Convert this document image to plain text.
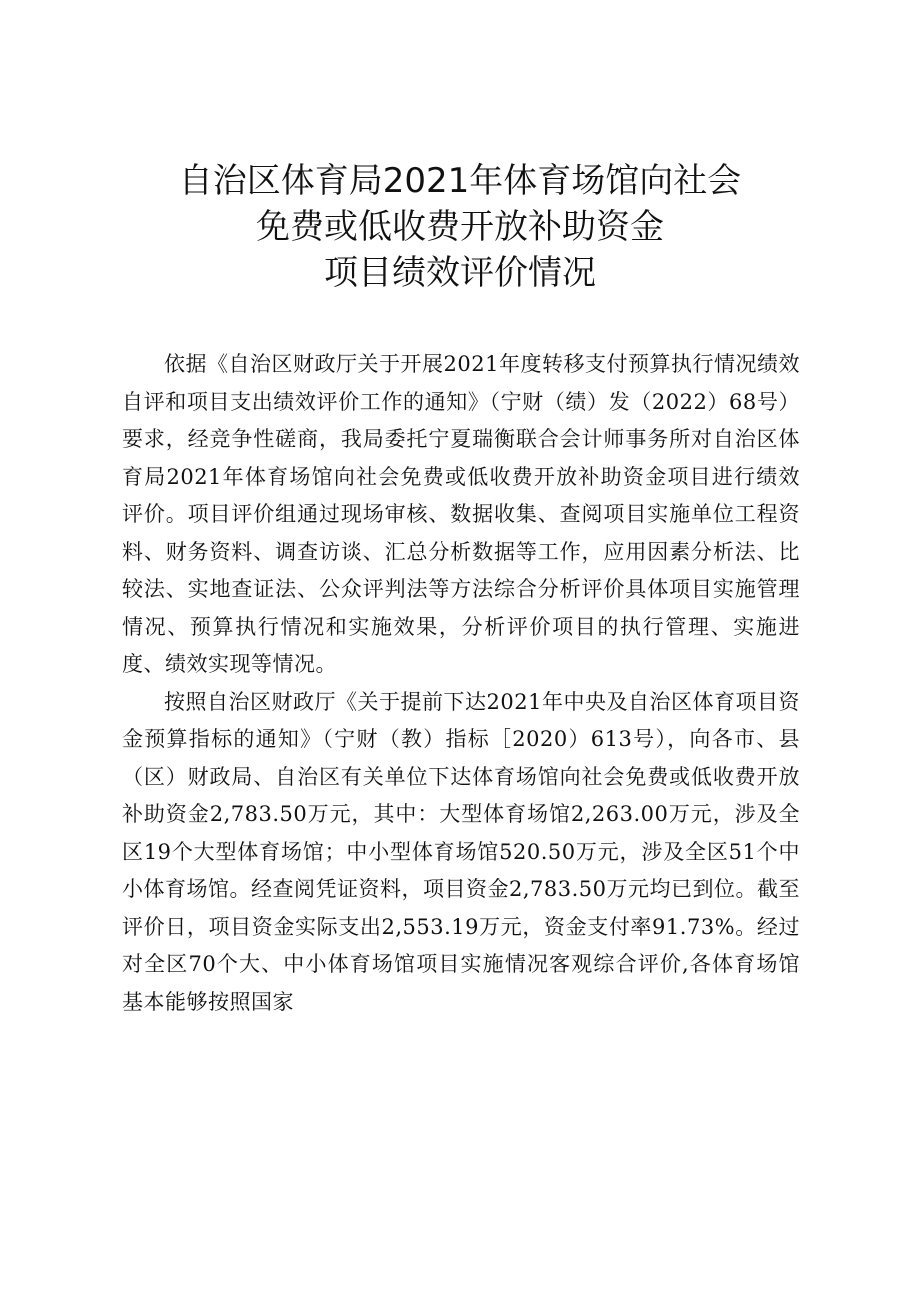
自治区体育局2021年体育场馆向社会
免费或低收费开放补助资金
项目绩效评价情况

依据《自治区财政厅关于开展2021年度转移支付预算执行情况绩效自评和项目支出绩效评价工作的通知》（宁财（绩）发（2022）68号）要求，经竞争性磋商，我局委托宁夏瑞衡联合会计师事务所对自治区体育局2021年体育场馆向社会免费或低收费开放补助资金项目进行绩效评价。项目评价组通过现场审核、数据收集、查阅项目实施单位工程资料、财务资料、调查访谈、汇总分析数据等工作，应用因素分析法、比较法、实地查证法、公众评判法等方法综合分析评价具体项目实施管理情况、预算执行情况和实施效果，分析评价项目的执行管理、实施进度、绩效实现等情况。

按照自治区财政厅《关于提前下达2021年中央及自治区体育项目资金预算指标的通知》（宁财（教）指标［2020）613号），向各市、县（区）财政局、自治区有关单位下达体育场馆向社会免费或低收费开放补助资金2,783.50万元，其中：大型体育场馆2,263.00万元，涉及全区19个大型体育场馆；中小型体育场馆520.50万元，涉及全区51个中小体育场馆。经查阅凭证资料，项目资金2,783.50万元均已到位。截至评价日，项目资金实际支出2,553.19万元，资金支付率91.73%。经过对全区70个大、中小体育场馆项目实施情况客观综合评价,各体育场馆基本能够按照国家
